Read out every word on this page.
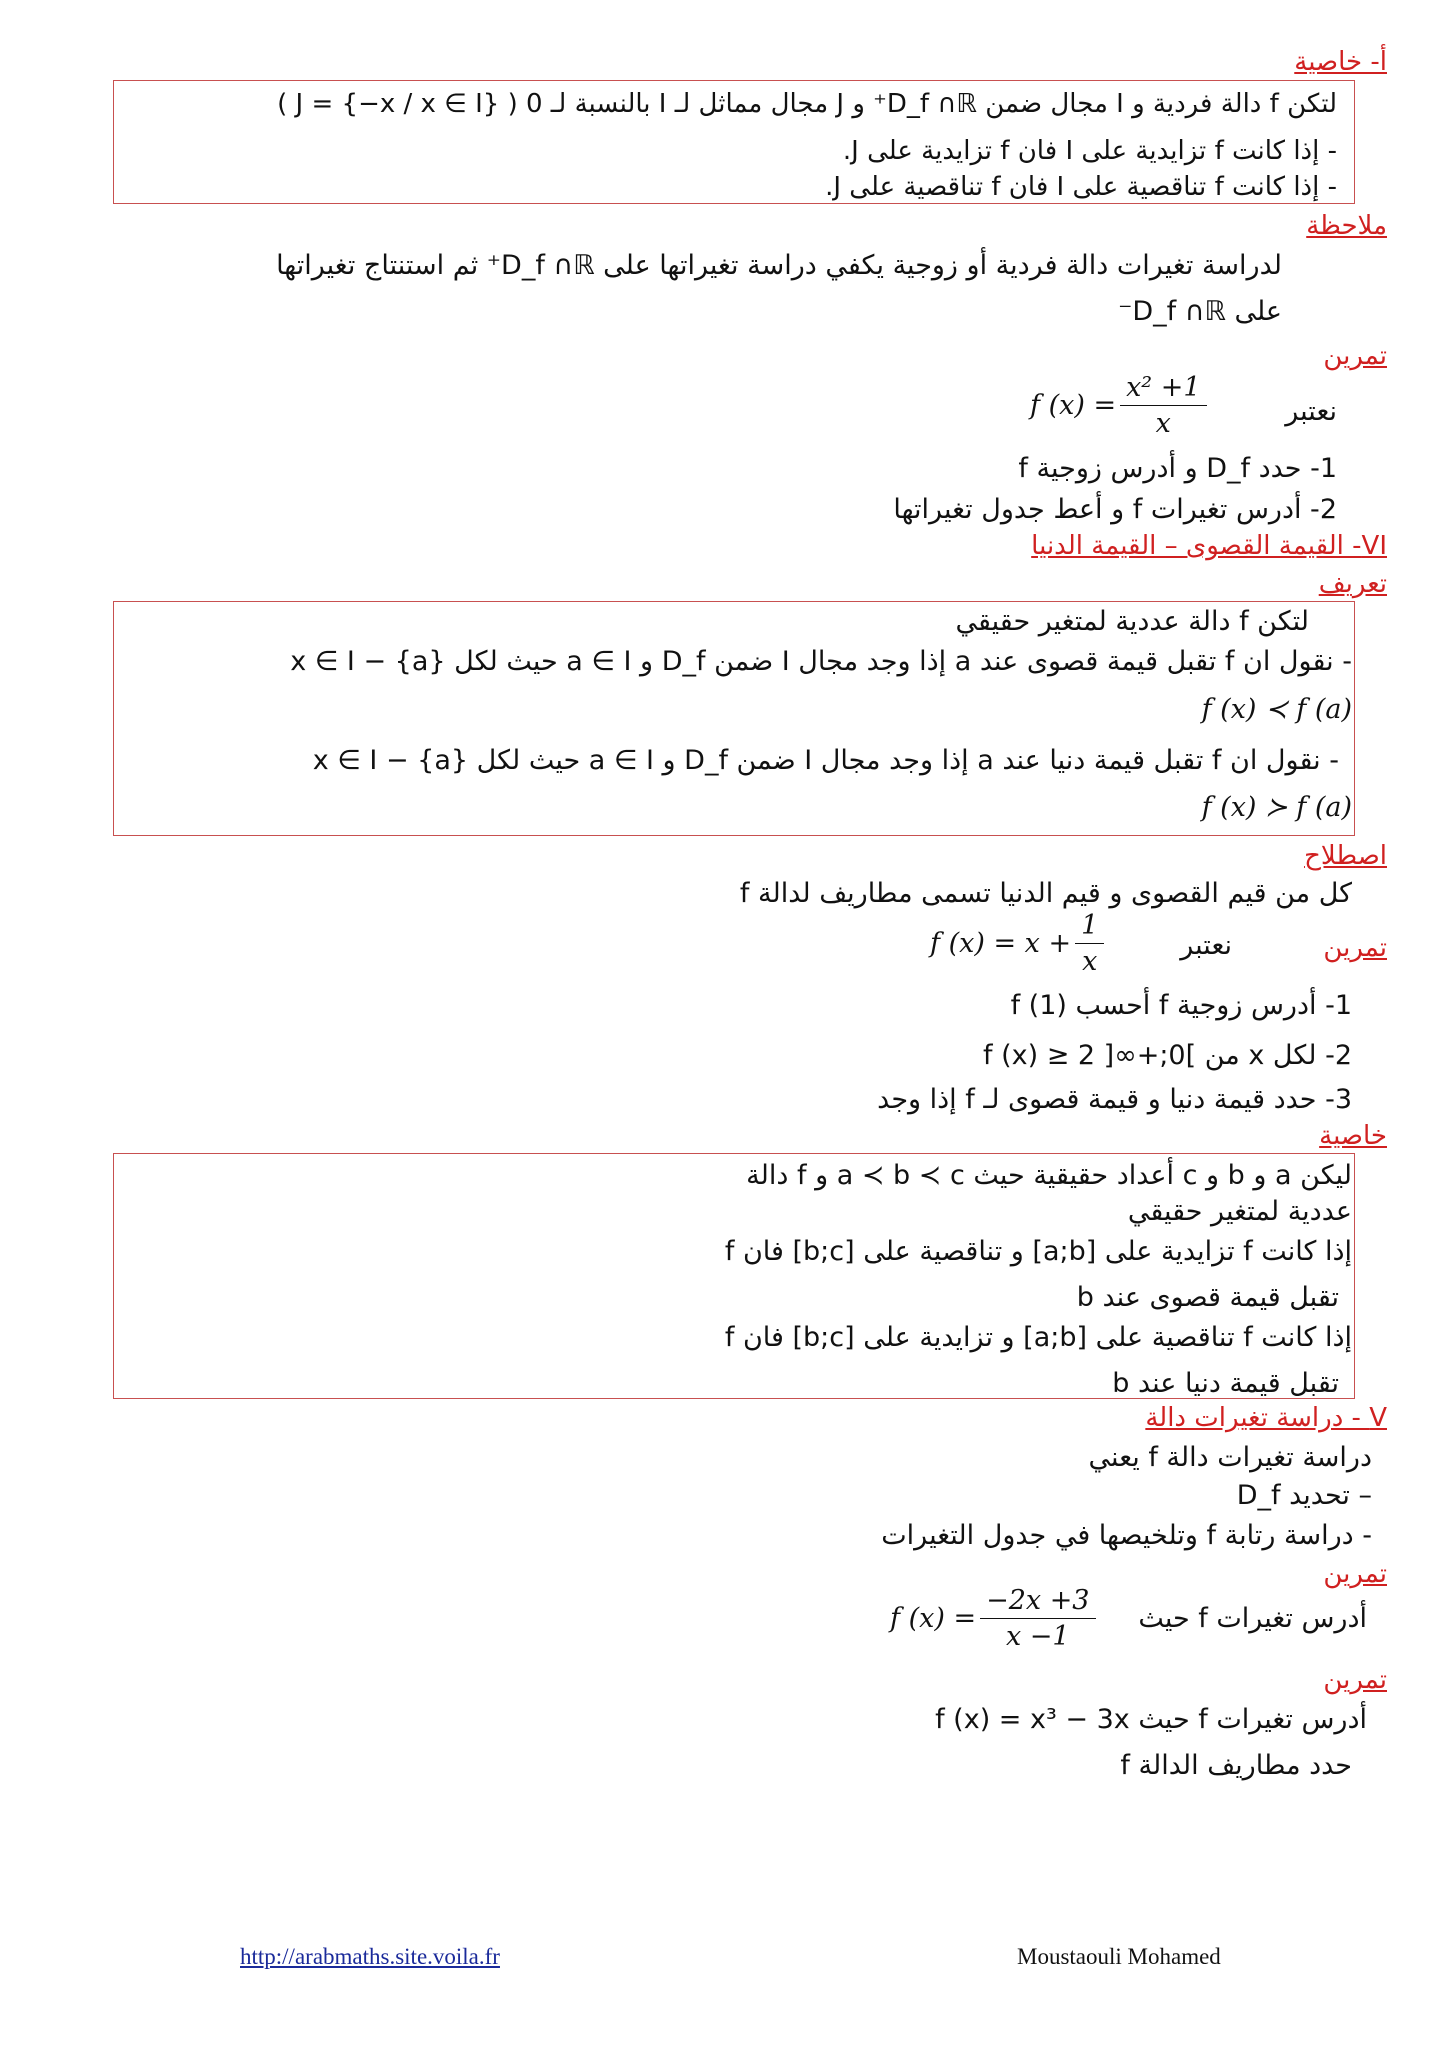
أ- خاصية
لتكن f دالة فردية و I مجال ضمن D_f ∩ℝ⁺ و J مجال مماثل لـ I بالنسبة لـ 0 ( J = {−x / x ∈ I} )
- إذا كانت f تزايدية على I فان f تزايدية على J.
- إذا كانت f تناقصية على I فان f تناقصية على J.
ملاحظة
لدراسة تغيرات دالة فردية أو زوجية يكفي دراسة تغيراتها على D_f ∩ℝ⁺ ثم استنتاج تغيراتها
على D_f ∩ℝ⁻
تمرين
نعتبر
f $(x) = \frac{\text{x² +1}}{x}$
1- حدد D_f و أدرس زوجية f
2- أدرس تغيرات f و أعط جدول تغيراتها
VI- القيمة القصوى – القيمة الدنيا
تعريف
لتكن f دالة عددية لمتغير حقيقي
- نقول ان f تقبل قيمة قصوى عند a إذا وجد مجال I ضمن D_f و a ∈ I حيث لكل x ∈ I − {a}
f (x) ≺ f (a)
- نقول ان f تقبل قيمة دنيا عند a إذا وجد مجال I ضمن D_f و a ∈ I حيث لكل x ∈ I − {a}
f (x) ≻ f (a)
اصطلاح
كل من قيم القصوى و قيم الدنيا تسمى مطاريف لدالة f
تمرين
نعتبر
f $(x) = x + \frac{1}{x}$
1- أدرس زوجية f أحسب f (1)
2- لكل x من ]0;+∞[ f (x) ≥ 2
3- حدد قيمة دنيا و قيمة قصوى لـ f إذا وجد
خاصية
ليكن a و b و c أعداد حقيقية حيث a ≺ b ≺ c و f دالة
عددية لمتغير حقيقي
إذا كانت f تزايدية على [a;b] و تناقصية على [b;c] فان f
تقبل قيمة قصوى عند b
إذا كانت f تناقصية على [a;b] و تزايدية على [b;c] فان f
تقبل قيمة دنيا عند b
V - دراسة تغيرات دالة
دراسة تغيرات دالة f يعني
– تحديد D_f
- دراسة رتابة f وتلخيصها في جدول التغيرات
تمرين
أدرس تغيرات f حيث
f $(x) = \frac{-2x +3}{x -1}$
تمرين
أدرس تغيرات f حيث f (x) = x³ − 3x
حدد مطاريف الدالة f
http://arabmaths.site.voila.fr	Moustaouli Mohamed
